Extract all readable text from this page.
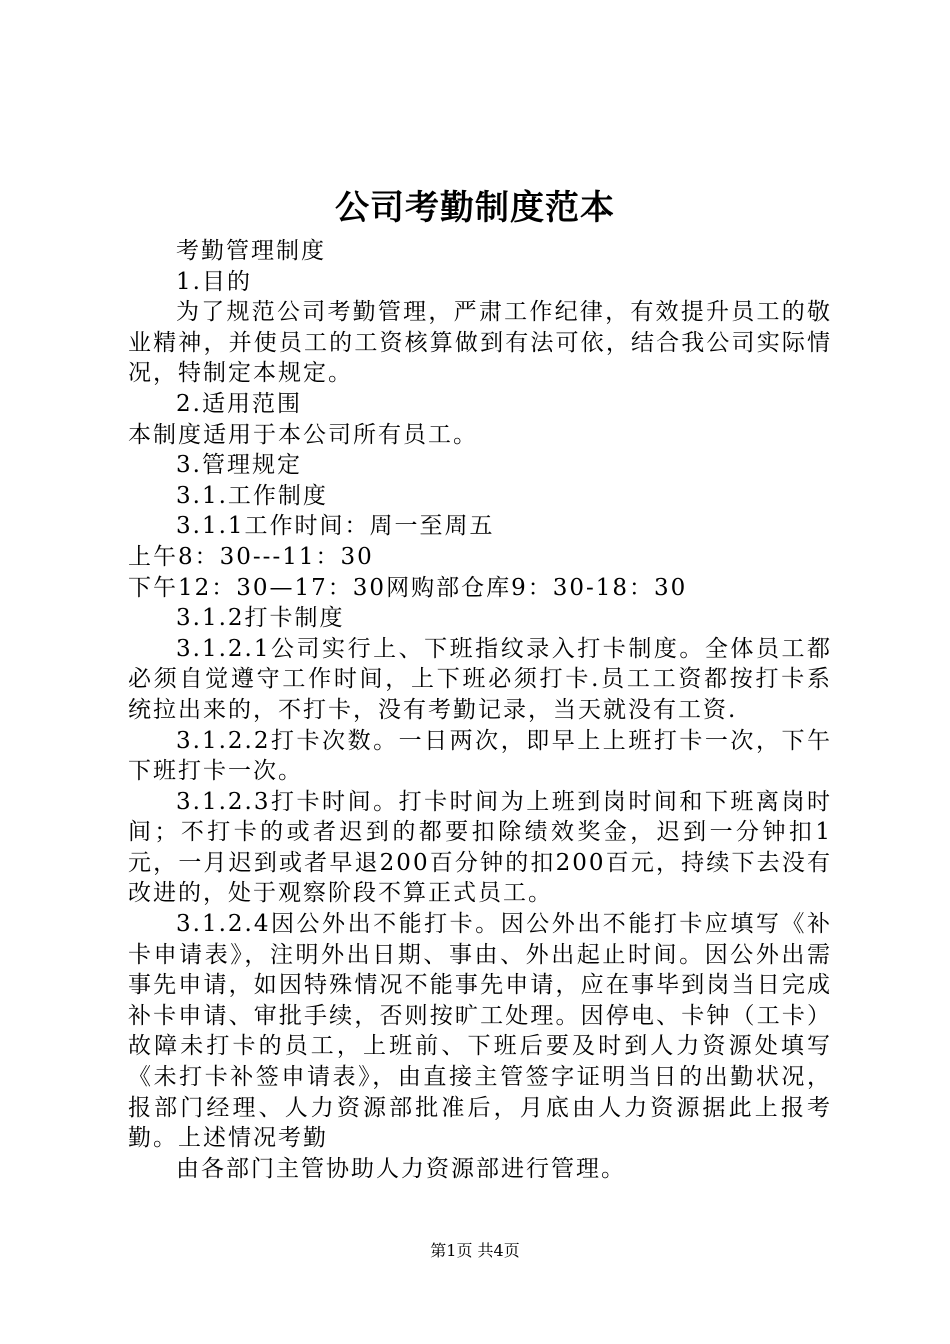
公司考勤制度范本

考勤管理制度

1.目的

为了规范公司考勤管理，严肃工作纪律，有效提升员工的敬业精神，并使员工的工资核算做到有法可依，结合我公司实际情况，特制定本规定。

2.适用范围

本制度适用于本公司所有员工。

3.管理规定

3.1.工作制度

3.1.1工作时间：周一至周五

上午8：30---11：30

下午12：30—17：30网购部仓库9：30-18：30

3.1.2打卡制度

3.1.2.1公司实行上、下班指纹录入打卡制度。全体员工都必须自觉遵守工作时间，上下班必须打卡.员工工资都按打卡系统拉出来的，不打卡，没有考勤记录，当天就没有工资.

3.1.2.2打卡次数。一日两次，即早上上班打卡一次，下午下班打卡一次。

3.1.2.3打卡时间。打卡时间为上班到岗时间和下班离岗时间；不打卡的或者迟到的都要扣除绩效奖金，迟到一分钟扣1元，一月迟到或者早退200百分钟的扣200百元，持续下去没有改进的，处于观察阶段不算正式员工。

3.1.2.4因公外出不能打卡。因公外出不能打卡应填写《补卡申请表》，注明外出日期、事由、外出起止时间。因公外出需事先申请，如因特殊情况不能事先申请，应在事毕到岗当日完成补卡申请、审批手续，否则按旷工处理。因停电、卡钟（工卡）故障未打卡的员工，上班前、下班后要及时到人力资源处填写《未打卡补签申请表》，由直接主管签字证明当日的出勤状况，报部门经理、人力资源部批准后，月底由人力资源据此上报考勤。上述情况考勤

由各部门主管协助人力资源部进行管理。

第1页 共4页
